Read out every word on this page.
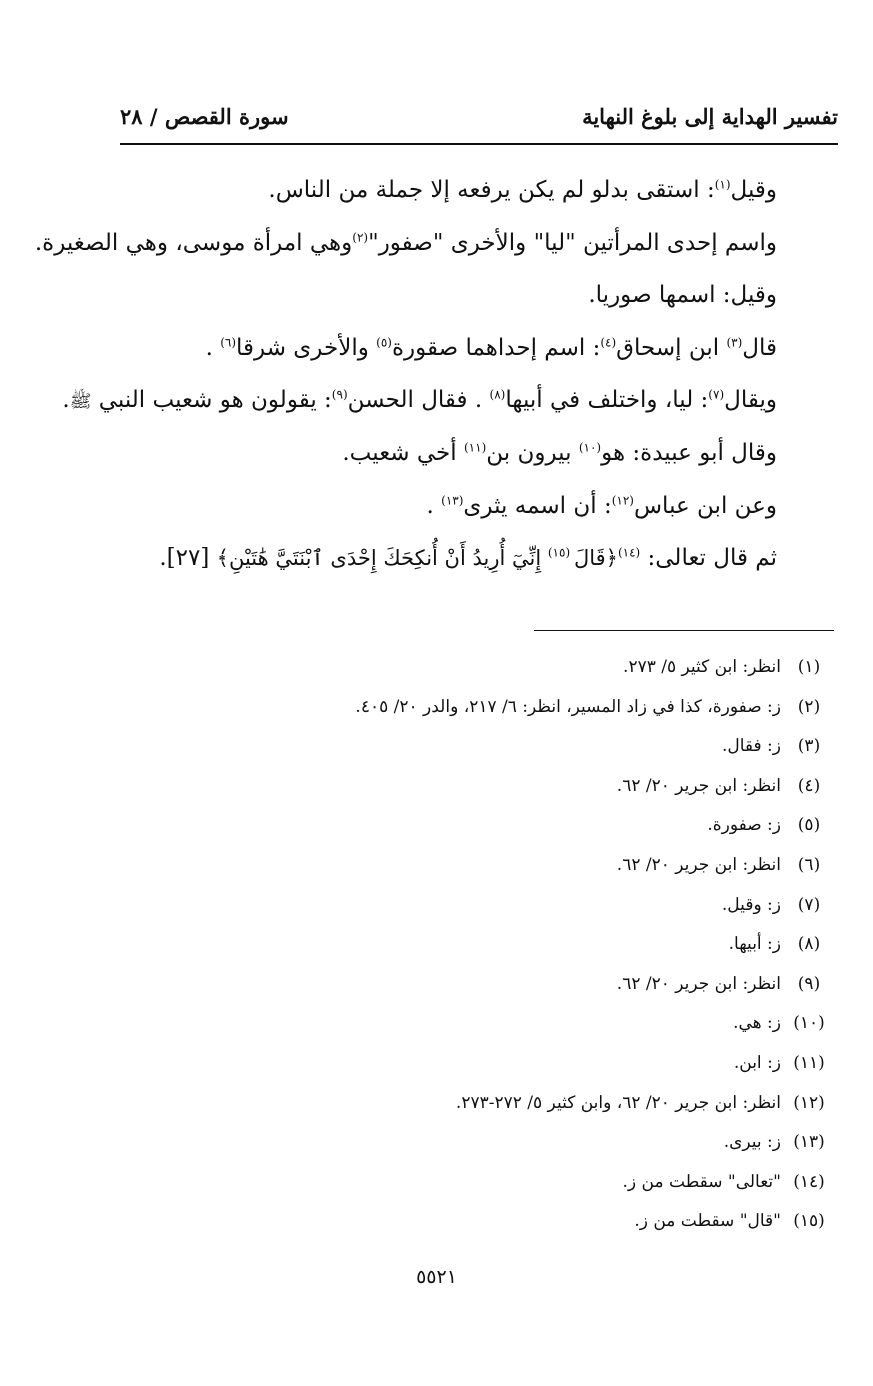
تفسير الهداية إلى بلوغ النهاية
سورة القصص / ٢٨
وقيل$^{(١)}$: استقى بدلو لم يكن يرفعه إلا جملة من الناس.
واسم إحدى المرأتين "ليا" والأخرى "صفور"$^{(٢)}$وهي امرأة موسى، وهي الصغيرة.
وقيل: اسمها صوريا.
قال$^{(٣)}$ ابن إسحاق$^{(٤)}$: اسم إحداهما صقورة$^{(٥)}$ والأخرى شرقا$^{(٦)}$ .
ويقال$^{(٧)}$: ليا، واختلف في أبيها$^{(٨)}$ . فقال الحسن$^{(٩)}$: يقولون هو شعيب النبي ﷺ.
وقال أبو عبيدة: هو$^{(١٠)}$ بيرون بن$^{(١١)}$ أخي شعيب.
وعن ابن عباس$^{(١٢)}$: أن اسمه يثرى$^{(١٣)}$ .
ثم قال تعالى: $^{(١٤)}$﴿قَالَ $^{(١٥)}$ إِنِّيٓ أُرِيدُ أَنْ أُنكِحَكَ إِحْدَى ٱبْنَتَيَّ هَٰتَيْنِ﴾ [٢٧].
(١)
انظر: ابن كثير ٥/ ٢٧٣.
(٢)
ز: صفورة، كذا في زاد المسير، انظر: ٦/ ٢١٧، والدر ٢٠/ ٤٠٥.
(٣)
ز: فقال.
(٤)
انظر: ابن جرير ٢٠/ ٦٢.
(٥)
ز: صفورة.
(٦)
انظر: ابن جرير ٢٠/ ٦٢.
(٧)
ز: وقيل.
(٨)
ز: أبيها.
(٩)
انظر: ابن جرير ٢٠/ ٦٢.
(١٠)
ز: هي.
(١١)
ز: ابن.
(١٢)
انظر: ابن جرير ٢٠/ ٦٢، وابن كثير ٥/ ٢٧٢-٢٧٣.
(١٣)
ز: بيرى.
(١٤)
"تعالى" سقطت من ز.
(١٥)
"قال" سقطت من ز.
٥٥٢١
